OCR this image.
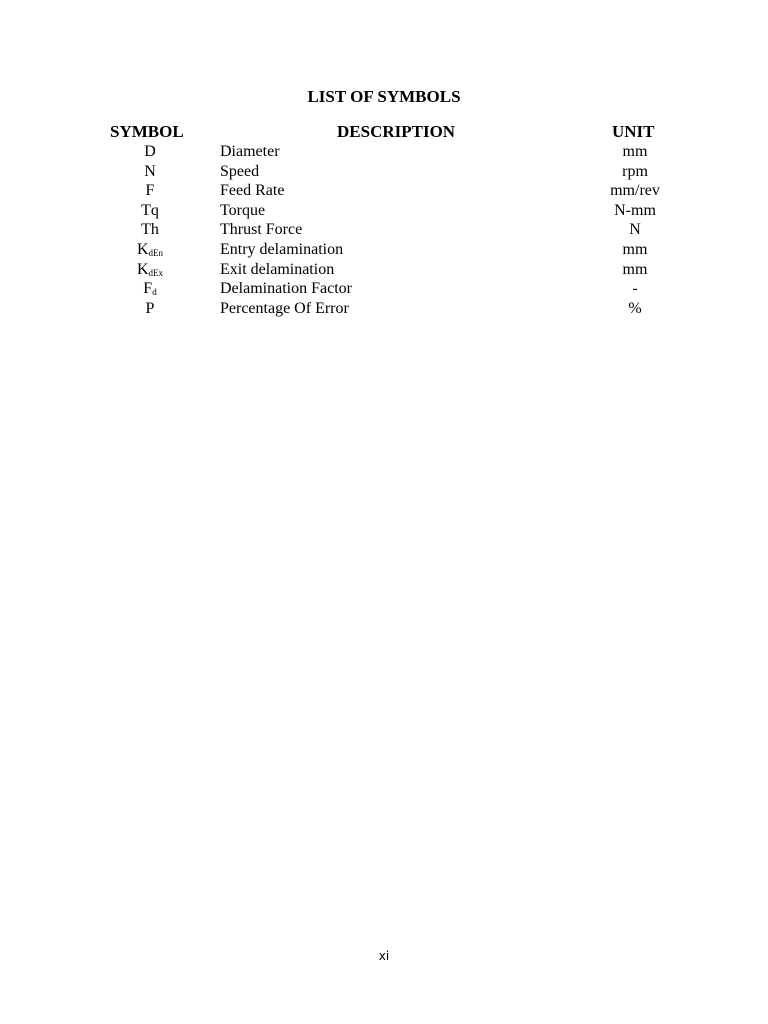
LIST OF SYMBOLS
SYMBOL	DESCRIPTION	UNIT
D	Diameter	mm
N	Speed	rpm
F	Feed Rate	mm/rev
Tq	Torque	N-mm
Th	Thrust Force	N
$K_{dEn}$	Entry delamination	mm
$K_{dEx}$	Exit delamination	mm
$F_d$	Delamination Factor	-
P	Percentage Of Error	%
xi
